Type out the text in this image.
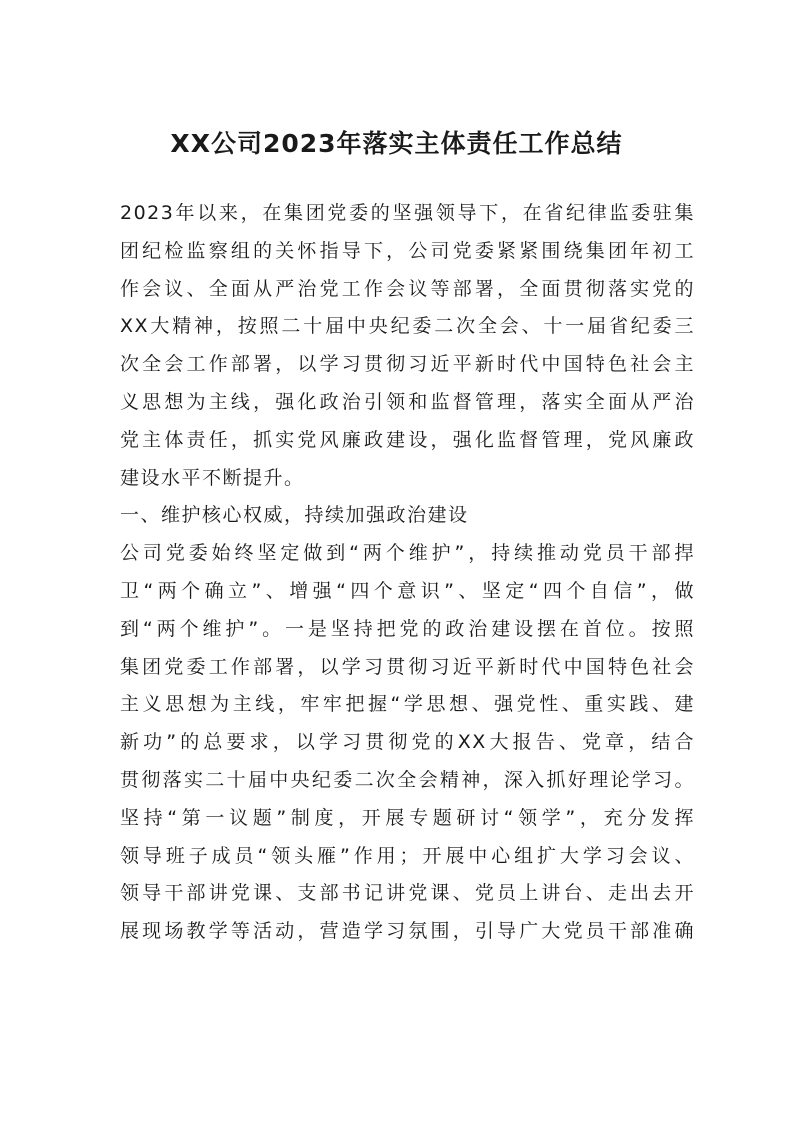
XX公司2023年落实主体责任工作总结

2023年以来，在集团党委的坚强领导下，在省纪律监委驻集

团纪检监察组的关怀指导下，公司党委紧紧围绕集团年初工

作会议、全面从严治党工作会议等部署，全面贯彻落实党的

XX大精神，按照二十届中央纪委二次全会、十一届省纪委三

次全会工作部署，以学习贯彻习近平新时代中国特色社会主

义思想为主线，强化政治引领和监督管理，落实全面从严治

党主体责任，抓实党风廉政建设，强化监督管理，党风廉政

建设水平不断提升。

一、维护核心权威，持续加强政治建设

公司党委始终坚定做到“两个维护”，持续推动党员干部捍

卫“两个确立”、增强“四个意识”、坚定“四个自信”，做

到“两个维护”。一是坚持把党的政治建设摆在首位。按照

集团党委工作部署，以学习贯彻习近平新时代中国特色社会

主义思想为主线，牢牢把握“学思想、强党性、重实践、建

新功”的总要求，以学习贯彻党的XX大报告、党章，结合

贯彻落实二十届中央纪委二次全会精神，深入抓好理论学习。

坚持“第一议题”制度，开展专题研讨“领学”，充分发挥

领导班子成员“领头雁”作用；开展中心组扩大学习会议、

领导干部讲党课、支部书记讲党课、党员上讲台、走出去开

展现场教学等活动，营造学习氛围，引导广大党员干部准确
